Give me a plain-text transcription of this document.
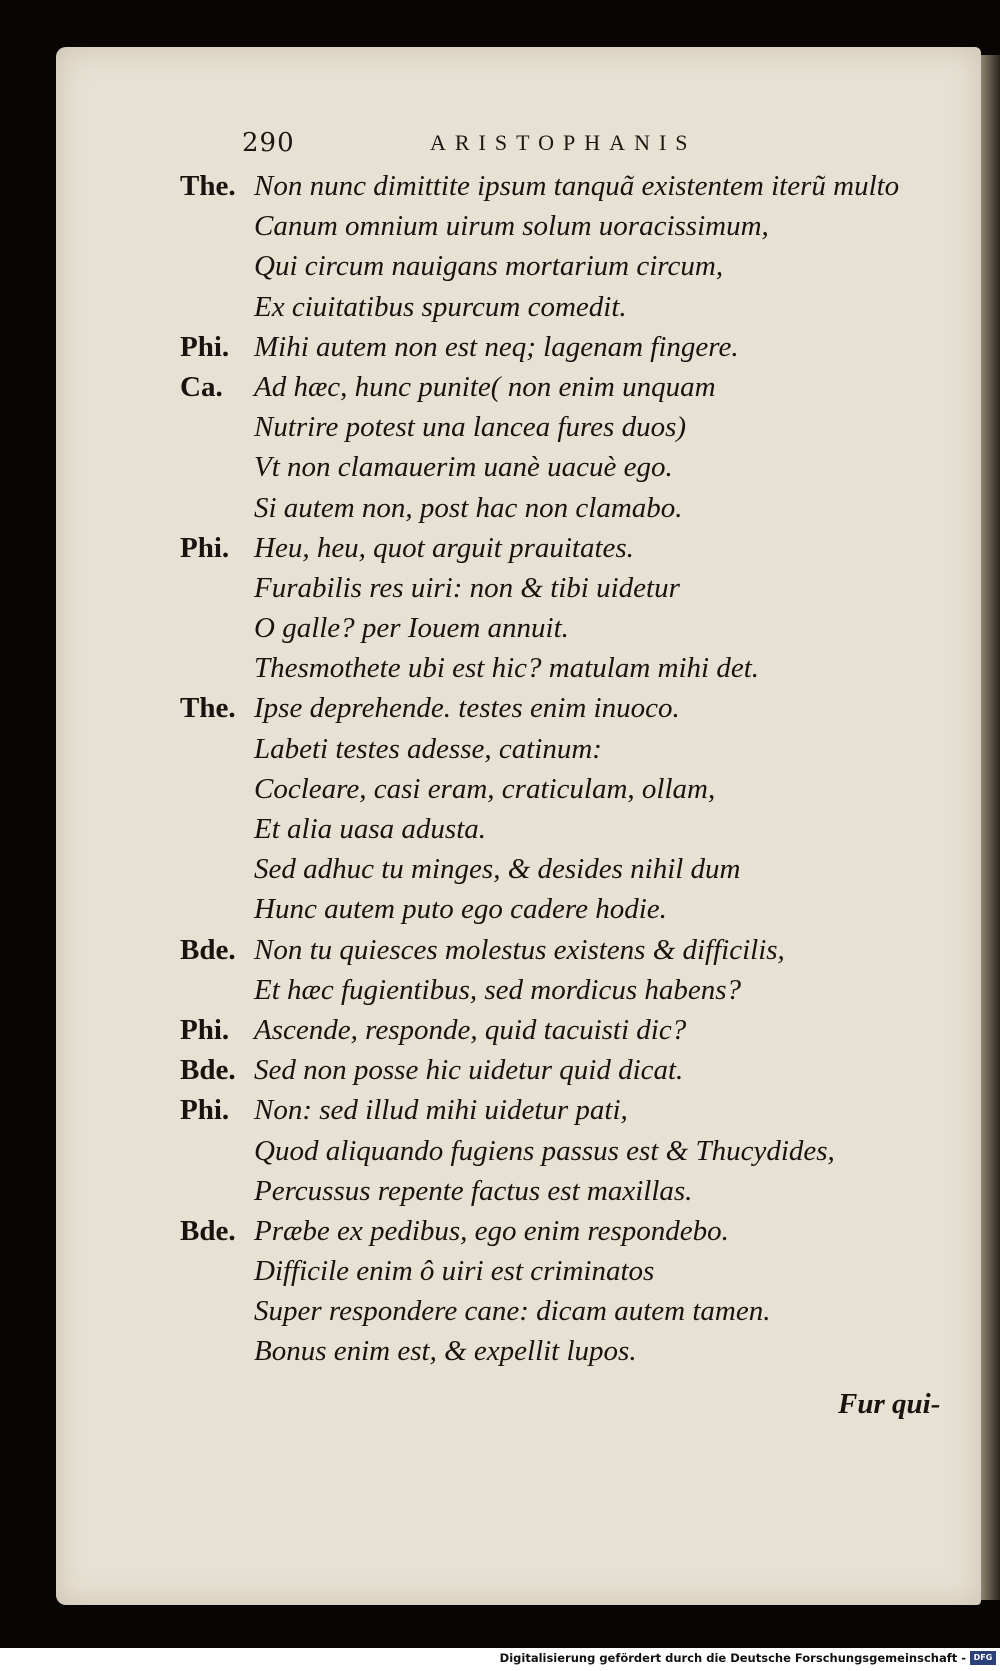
290	ARISTOPHANIS
The. Non nunc dimittite ipsum tanquã existentem iterũ multo
Canum omnium uirum solum uoracissimum,
Qui circum nauigans mortarium circum,
Ex ciuitatibus spurcum comedit.
Phi. Mihi autem non est neq; lagenam fingere.
Ca. Ad hæc, hunc punite( non enim unquam
Nutrire potest una lancea fures duos)
Vt non clamauerim uanè uacuè ego.
Si autem non, post hac non clamabo.
Phi. Heu, heu, quot arguit prauitates.
Furabilis res uiri: non & tibi uidetur
O galle? per Iouem annuit.
Thesmothete ubi est hic? matulam mihi det.
The. Ipse deprehende. testes enim inuoco.
Labeti testes adesse, catinum:
Cocleare, casi eram, craticulam, ollam,
Et alia uasa adusta.
Sed adhuc tu minges, & desides nihil dum
Hunc autem puto ego cadere hodie.
Bde. Non tu quiesces molestus existens & difficilis,
Et hæc fugientibus, sed mordicus habens?
Phi. Ascende, responde, quid tacuisti dic?
Bde. Sed non posse hic uidetur quid dicat.
Phi. Non: sed illud mihi uidetur pati,
Quod aliquando fugiens passus est & Thucydides,
Percussus repente factus est maxillas.
Bde. Præbe ex pedibus, ego enim respondebo.
Difficile enim ô uiri est criminatos
Super respondere cane: dicam autem tamen.
Bonus enim est, & expellit lupos.
Fur qui-
Digitalisierung gefördert durch die Deutsche Forschungsgemeinschaft - DFG
